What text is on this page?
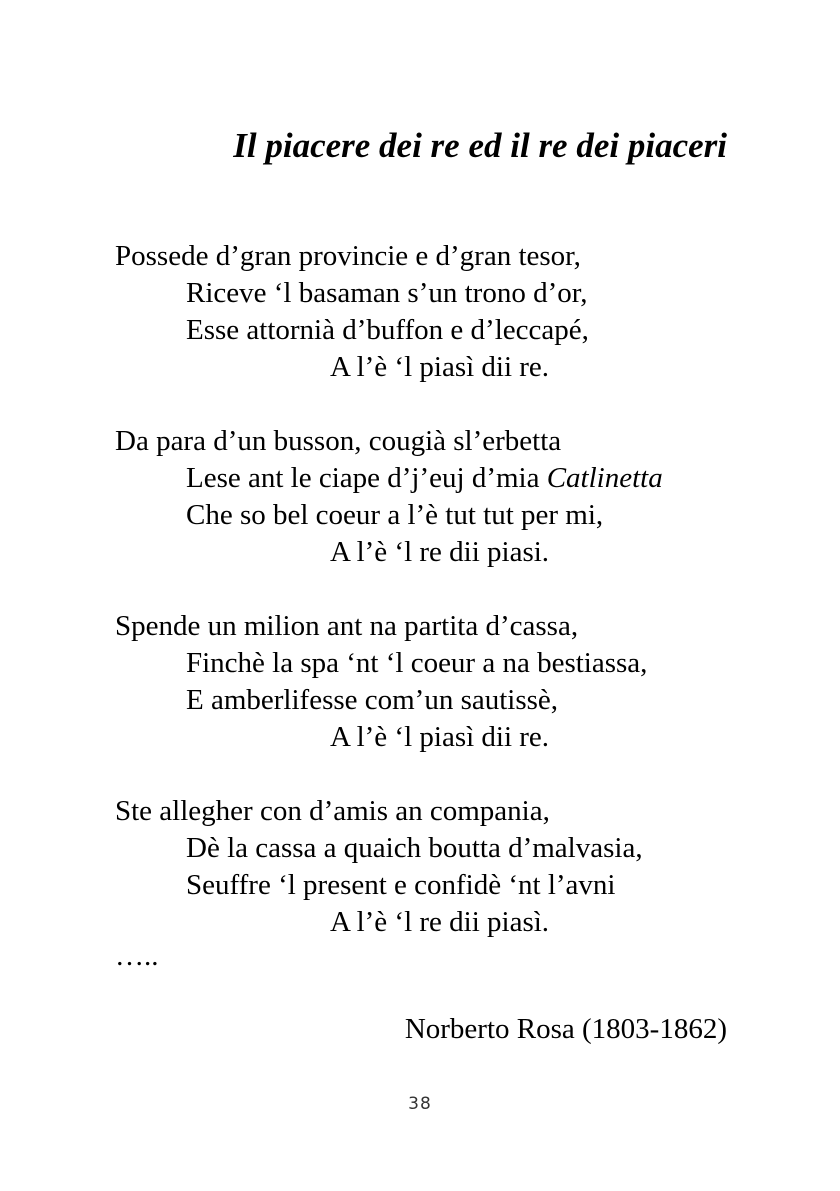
Il piacere dei re ed il re dei piaceri
Possede d’gran provincie e d’gran tesor,
Riceve ‘l basaman s’un trono d’or,
Esse attornià d’buffon e d’leccapé,
A l’è ‘l piasì dii re.
Da para d’un busson, cougià sl’erbetta
Lese ant le ciape d’j’euj d’mia Catlinetta
Che so bel coeur a l’è tut tut per mi,
A l’è ‘l re dii piasi.
Spende un milion ant na partita d’cassa,
Finchè la spa ‘nt ‘l coeur a na bestiassa,
E amberlifesse com’un sautissè,
A l’è ‘l piasì dii re.
Ste allegher con d’amis an compania,
Dè la cassa a quaich boutta d’malvasia,
Seuffre ‘l present e confidè ‘nt l’avni
A l’è ‘l re dii piasì.
…..
Norberto Rosa (1803-1862)
38
